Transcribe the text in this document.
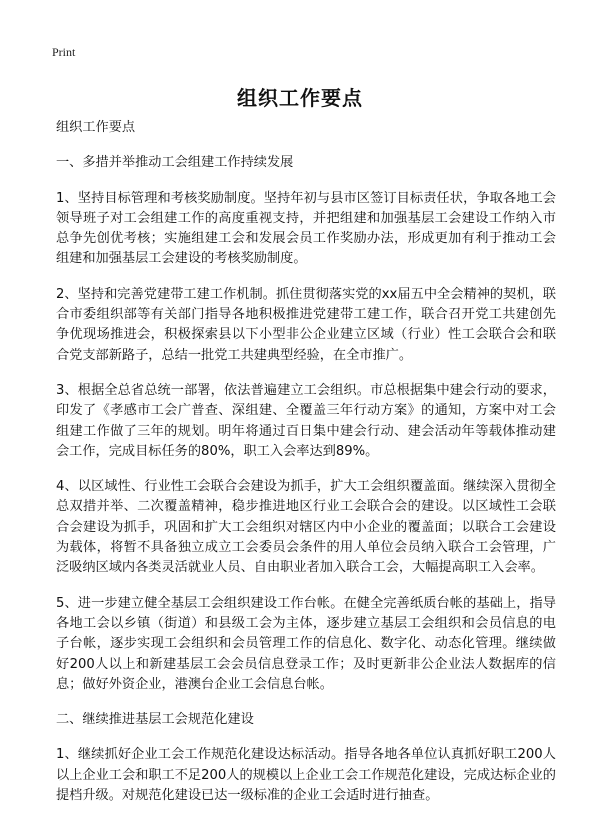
Print
组织工作要点

组织工作要点

一、多措并举推动工会组建工作持续发展

1、坚持目标管理和考核奖励制度。坚持年初与县市区签订目标责任状，争取各地工会领导班子对工会组建工作的高度重视支持，并把组建和加强基层工会建设工作纳入市总争先创优考核；实施组建工会和发展会员工作奖励办法，形成更加有利于推动工会组建和加强基层工会建设的考核奖励制度。

2、坚持和完善党建带工建工作机制。抓住贯彻落实党的xx届五中全会精神的契机，联合市委组织部等有关部门指导各地积极推进党建带工建工作，联合召开党工共建创先争优现场推进会，积极探索县以下小型非公企业建立区域（行业）性工会联合会和联合党支部新路子，总结一批党工共建典型经验，在全市推广。

3、根据全总省总统一部署，依法普遍建立工会组织。市总根据集中建会行动的要求，印发了《孝感市工会广普查、深组建、全覆盖三年行动方案》的通知，方案中对工会组建工作做了三年的规划。明年将通过百日集中建会行动、建会活动年等载体推动建会工作，完成目标任务的80%，职工入会率达到89%。

4、以区域性、行业性工会联合会建设为抓手，扩大工会组织覆盖面。继续深入贯彻全总双措并举、二次覆盖精神，稳步推进地区行业工会联合会的建设。以区域性工会联合会建设为抓手，巩固和扩大工会组织对辖区内中小企业的覆盖面；以联合工会建设为载体，将暂不具备独立成立工会委员会条件的用人单位会员纳入联合工会管理，广泛吸纳区域内各类灵活就业人员、自由职业者加入联合工会，大幅提高职工入会率。

5、进一步建立健全基层工会组织建设工作台帐。在健全完善纸质台帐的基础上，指导各地工会以乡镇（街道）和县级工会为主体，逐步建立基层工会组织和会员信息的电子台帐，逐步实现工会组织和会员管理工作的信息化、数字化、动态化管理。继续做好200人以上和新建基层工会会员信息登录工作；及时更新非公企业法人数据库的信息；做好外资企业，港澳台企业工会信息台帐。

二、继续推进基层工会规范化建设

1、继续抓好企业工会工作规范化建设达标活动。指导各地各单位认真抓好职工200人以上企业工会和职工不足200人的规模以上企业工会工作规范化建设，完成达标企业的提档升级。对规范化建设已达一级标准的企业工会适时进行抽查。
